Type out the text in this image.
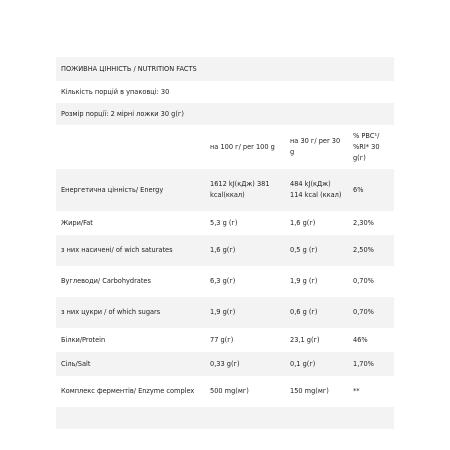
ПОЖИВНА ЦІННІСТЬ / NUTRITION FACTS			
Кількість порцій в упаковці: 30			
Розмір порції: 2 мірні ложки 30 g(г)			
	на 100 г/ per 100 g	на 30 г/ per 30 g	% РВС¹/ %RI* 30 g(г)
Енергетична цінність/ Energy	1612 kJ(кДж) 381 kcal(ккал)	484 kJ(кДж) 114 kcal (ккал)	6%
Жири/Fat	5,3 g (г)	1,6 g(г)	2,30%
з них насичені/ of wich saturates	1,6 g(г)	0,5 g (г)	2,50%
Вуглеводи/ Carbohydrates	6,3 g(г)	1,9 g (г)	0,70%
з них цукри / of which sugars	1,9 g(г)	0,6 g (г)	0,70%
Білки/Protein	77 g(г)	23,1 g(г)	46%
Сіль/Salt	0,33 g(г)	0,1 g(г)	1,70%
Комплекс ферментів/ Enzyme complex	500 mg(мг)	150 mg(мг)	**
